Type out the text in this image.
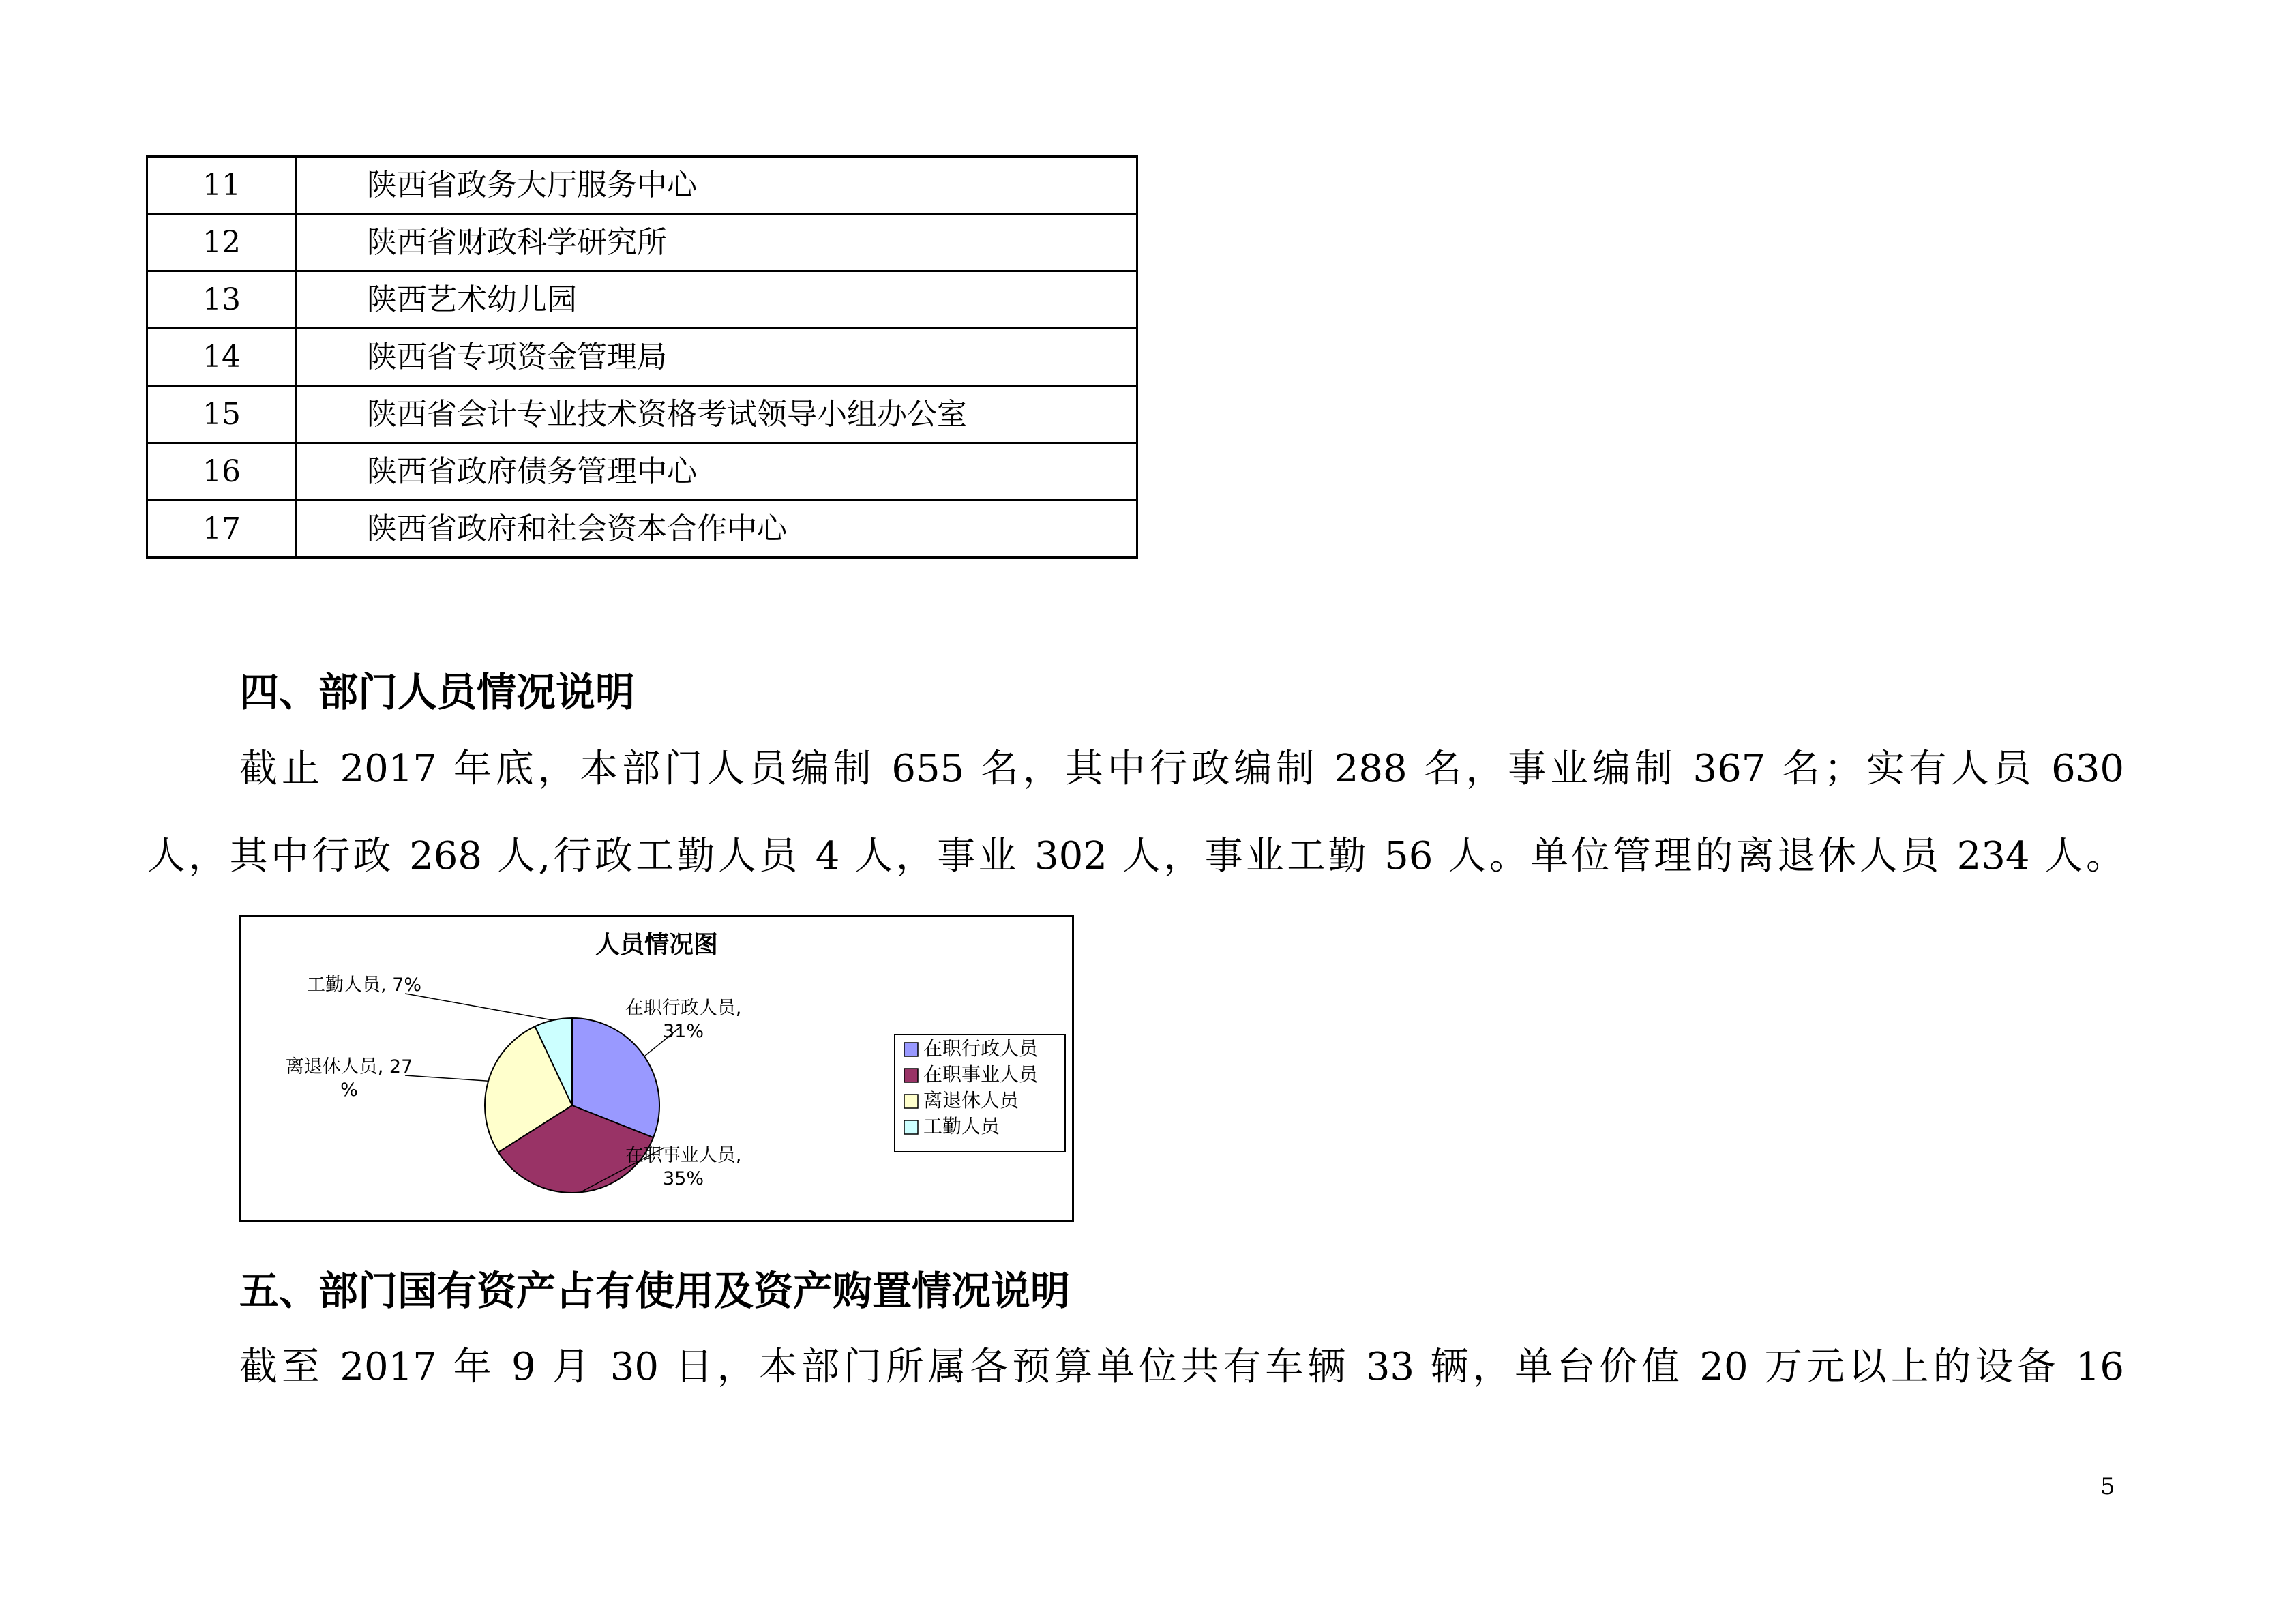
11	陕西省政务大厅服务中心
12	陕西省财政科学研究所
13	陕西艺术幼儿园
14	陕西省专项资金管理局
15	陕西省会计专业技术资格考试领导小组办公室
16	陕西省政府债务管理中心
17	陕西省政府和社会资本合作中心
四、部门人员情况说明
截止 2017 年底，本部门人员编制 655 名，其中行政编制 288 名，事业编制 367 名；实有人员 630
人，其中行政 268 人,行政工勤人员 4 人，事业 302 人，事业工勤 56 人。单位管理的离退休人员 234 人。
人员情况图
在职行政人员, 31%
在职事业人员, 35%
离退休人员, 27 %
工勤人员, 7%
在职行政人员
在职事业人员
离退休人员
工勤人员
五、部门国有资产占有使用及资产购置情况说明
截至 2017 年 9 月 30 日，本部门所属各预算单位共有车辆 33 辆，单台价值 20 万元以上的设备 16
5
